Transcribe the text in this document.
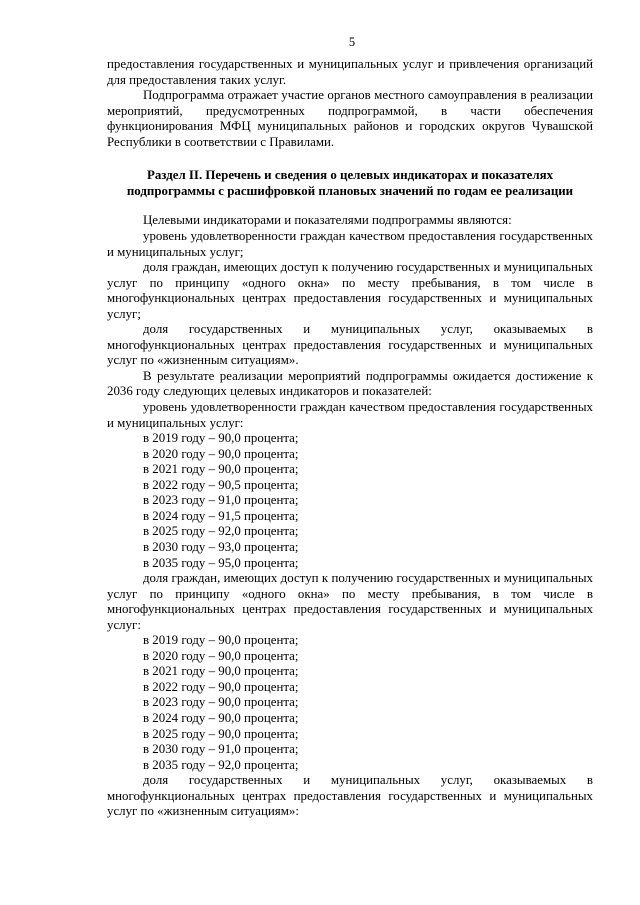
5

предоставления государственных и муниципальных услуг и привлечения организаций для предоставления таких услуг.

Подпрограмма отражает участие органов местного самоуправления в реализации мероприятий, предусмотренных подпрограммой, в части обеспечения функционирования МФЦ муниципальных районов и городских округов Чувашской Республики в соответствии с Правилами.

Раздел II. Перечень и сведения о целевых индикаторах и показателях подпрограммы с расшифровкой плановых значений по годам ее реализации

Целевыми индикаторами и показателями подпрограммы являются:

уровень удовлетворенности граждан качеством предоставления государственных и муниципальных услуг;

доля граждан, имеющих доступ к получению государственных и муниципальных услуг по принципу «одного окна» по месту пребывания, в том числе в многофункциональных центрах предоставления государственных и муниципальных услуг;

доля государственных и муниципальных услуг, оказываемых в многофункциональных центрах предоставления государственных и муниципальных услуг по «жизненным ситуациям».

В результате реализации мероприятий подпрограммы ожидается достижение к 2036 году следующих целевых индикаторов и показателей:

уровень удовлетворенности граждан качеством предоставления государственных и муниципальных услуг:

в 2019 году – 90,0 процента;

в 2020 году – 90,0 процента;

в 2021 году – 90,0 процента;

в 2022 году – 90,5 процента;

в 2023 году – 91,0 процента;

в 2024 году – 91,5 процента;

в 2025 году – 92,0 процента;

в 2030 году – 93,0 процента;

в 2035 году – 95,0 процента;

доля граждан, имеющих доступ к получению государственных и муниципальных услуг по принципу «одного окна» по месту пребывания, в том числе в многофункциональных центрах предоставления государственных и муниципальных услуг:

в 2019 году – 90,0 процента;

в 2020 году – 90,0 процента;

в 2021 году – 90,0 процента;

в 2022 году – 90,0 процента;

в 2023 году – 90,0 процента;

в 2024 году – 90,0 процента;

в 2025 году – 90,0 процента;

в 2030 году – 91,0 процента;

в 2035 году – 92,0 процента;

доля государственных и муниципальных услуг, оказываемых в многофункциональных центрах предоставления государственных и муниципальных услуг по «жизненным ситуациям»:
